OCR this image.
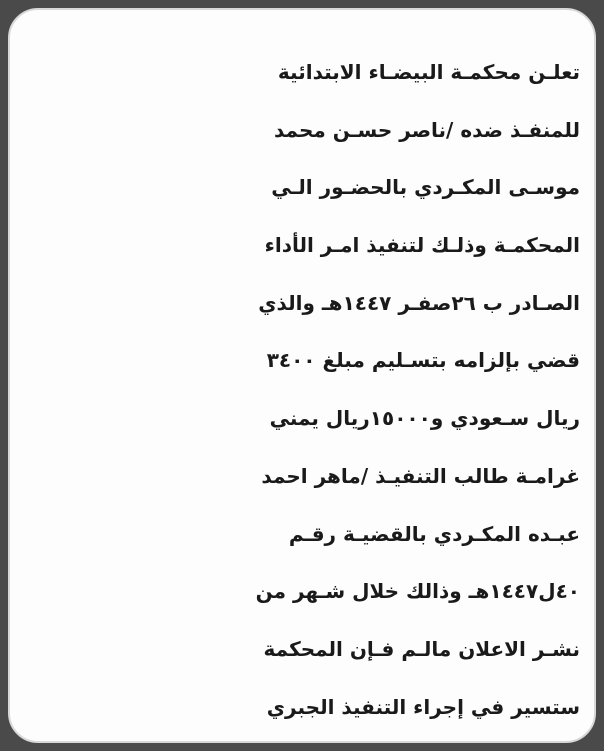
تعلـن محكمـة البيضـاء الابتدائية
للمنفـذ ضده /ناصر حسـن محمد
موسـى المكـردي بالحضـور الـي
المحكمـة وذلـك لتنفيذ امـر الأداء
الصـادر ب ٢٦صفـر ١٤٤٧هـ والذي
قضي بإلزامه بتسـليم مبلغ ٣٤٠٠
ريال سـعودي و١٥٠٠٠ريال يمني
غرامـة طالب التنفيـذ /ماهر احمد
عبـده المكـردي بالقضيـة رقـم
٤٠ل١٤٤٧هـ وذالك خلال شـهر من
نشـر الاعلان مالـم فـإن المحكمة
ستسير في إجراء التنفيذ الجبري
